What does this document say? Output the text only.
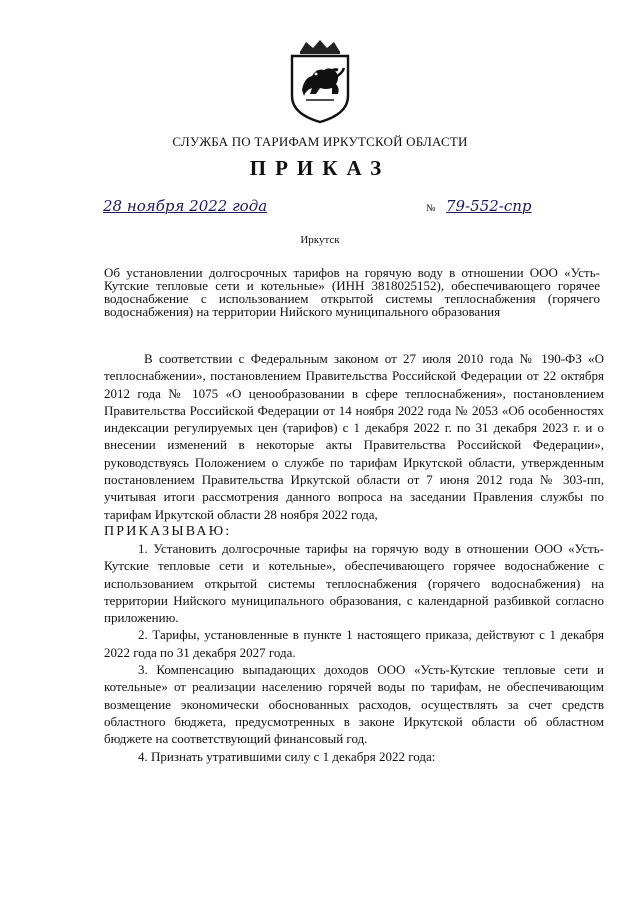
СЛУЖБА ПО ТАРИФАМ ИРКУТСКОЙ ОБЛАСТИ
ПРИКАЗ
28 ноября 2022 года	№ 79-552-спр
Иркутск
Об установлении долгосрочных тарифов на горячую воду в отношении ООО «Усть-Кутские тепловые сети и котельные» (ИНН 3818025152), обеспечивающего горячее водоснабжение с использованием открытой системы теплоснабжения (горячего водоснабжения) на территории Нийского муниципального образования

В соответствии с Федеральным законом от 27 июля 2010 года № 190-ФЗ «О теплоснабжении», постановлением Правительства Российской Федерации от 22 октября 2012 года № 1075 «О ценообразовании в сфере теплоснабжения», постановлением Правительства Российской Федерации от 14 ноября 2022 года № 2053 «Об особенностях индексации регулируемых цен (тарифов) с 1 декабря 2022 г. по 31 декабря 2023 г. и о внесении изменений в некоторые акты Правительства Российской Федерации», руководствуясь Положением о службе по тарифам Иркутской области, утвержденным постановлением Правительства Иркутской области от 7 июня 2012 года № 303-пп, учитывая итоги рассмотрения данного вопроса на заседании Правления службы по тарифам Иркутской области 28 ноября 2022 года,

ПРИКАЗЫВАЮ:

1. Установить долгосрочные тарифы на горячую воду в отношении ООО «Усть-Кутские тепловые сети и котельные», обеспечивающего горячее водоснабжение с использованием открытой системы теплоснабжения (горячего водоснабжения) на территории Нийского муниципального образования, с календарной разбивкой согласно приложению.

2. Тарифы, установленные в пункте 1 настоящего приказа, действуют с 1 декабря 2022 года по 31 декабря 2027 года.

3. Компенсацию выпадающих доходов ООО «Усть-Кутские тепловые сети и котельные» от реализации населению горячей воды по тарифам, не обеспечивающим возмещение экономически обоснованных расходов, осуществлять за счет средств областного бюджета, предусмотренных в законе Иркутской области об областном бюджете на соответствующий финансовый год.

4. Признать утратившими силу с 1 декабря 2022 года:
